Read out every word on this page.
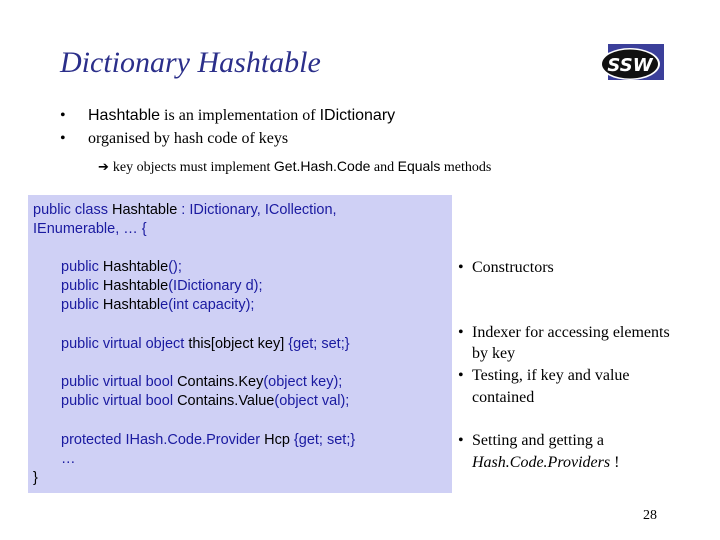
Dictionary Hashtable	SSW
• Hashtable is an implementation of IDictionary
• organised by hash code of keys
➔ key objects must implement Get.Hash.Code and Equals methods
public class Hashtable : IDictionary, ICollection,
IEnumerable, … {
public Hashtable();
public Hashtable(IDictionary d);
public Hashtable(int capacity);
public virtual object this[object key] {get; set;}
public virtual bool Contains.Key(object key);
public virtual bool Contains.Value(object val);
protected IHash.Code.Provider Hcp {get; set;}
…
}
• Constructors
• Indexer for accessing elements
by key
• Testing, if key and value
contained
• Setting and getting a
Hash.Code.Providers !
28
